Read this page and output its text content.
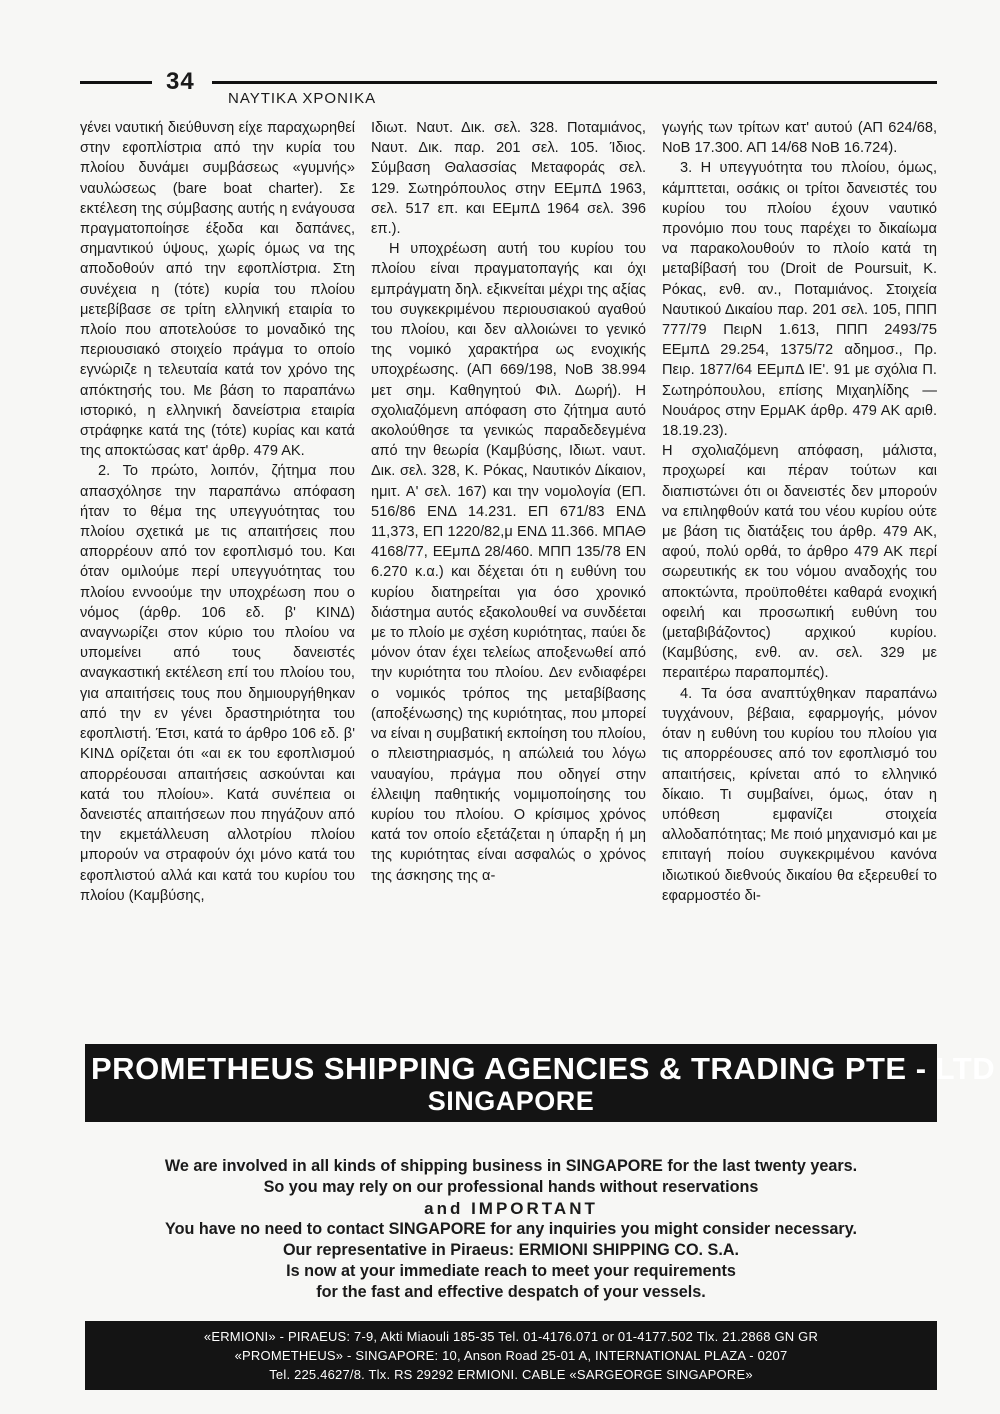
34
ΝΑΥΤΙΚΑ ΧΡΟΝΙΚΑ

γένει ναυτική διεύθυνση είχε παραχωρηθεί στην εφοπλίστρια από την κυρία του πλοίου δυνάμει συμβάσεως «γυμνής» ναυλώσεως (bare boat charter). Σε εκτέλεση της σύμβασης αυτής η ενάγουσα πραγματοποίησε έξοδα και δαπάνες, σημαντικού ύψους, χωρίς όμως να της αποδοθούν από την εφοπλίστρια. Στη συνέχεια η (τότε) κυρία του πλοίου μετεβίβασε σε τρίτη ελληνική εταιρία το πλοίο που αποτελούσε το μοναδικό της περιουσιακό στοιχείο πράγμα το οποίο εγνώριζε η τελευταία κατά τον χρόνο της απόκτησής του. Με βάση το παραπάνω ιστορικό, η ελληνική δανείστρια εταιρία στράφηκε κατά της (τότε) κυρίας και κατά της αποκτώσας κατ' άρθρ. 479 ΑΚ.

2. Το πρώτο, λοιπόν, ζήτημα που απασχόλησε την παραπάνω απόφαση ήταν το θέμα της υπεγγυότητας του πλοίου σχετικά με τις απαιτήσεις που απορρέουν από τον εφοπλισμό του. Και όταν ομιλούμε περί υπεγγυότητας του πλοίου εννοούμε την υποχρέωση που ο νόμος (άρθρ. 106 εδ. β' ΚΙΝΔ) αναγνωρίζει στον κύριο του πλοίου να υπομείνει από τους δανειστές αναγκαστική εκτέλεση επί του πλοίου του, για απαιτήσεις τους που δημιουργήθηκαν από την εν γένει δραστηριότητα του εφοπλιστή. Έτσι, κατά το άρθρο 106 εδ. β' ΚΙΝΔ ορίζεται ότι «αι εκ του εφοπλισμού απορρέουσαι απαιτήσεις ασκούνται και κατά του πλοίου». Κατά συνέπεια οι δανειστές απαιτήσεων που πηγάζουν από την εκμετάλλευση αλλοτρίου πλοίου μπορούν να στραφούν όχι μόνο κατά του εφοπλιστού αλλά και κατά του κυρίου του πλοίου (Καμβύσης,

Ιδιωτ. Ναυτ. Δικ. σελ. 328. Ποταμιάνος, Ναυτ. Δικ. παρ. 201 σελ. 105. Ίδιος. Σύμβαση Θαλασσίας Μεταφοράς σελ. 129. Σωτηρόπουλος στην ΕΕμπΔ 1963, σελ. 517 επ. και ΕΕμπΔ 1964 σελ. 396 επ.).

Η υποχρέωση αυτή του κυρίου του πλοίου είναι πραγματοπαγής και όχι εμπράγματη δηλ. εξικνείται μέχρι της αξίας του συγκεκριμένου περιουσιακού αγαθού του πλοίου, και δεν αλλοιώνει το γενικό της νομικό χαρακτήρα ως ενοχικής υποχρέωσης. (ΑΠ 669/198, ΝοΒ 38.994 μετ σημ. Καθηγητού Φιλ. Δωρή). Η σχολιαζόμενη απόφαση στο ζήτημα αυτό ακολούθησε τα γενικώς παραδεδεγμένα από την θεωρία (Καμβύσης, Ιδιωτ. ναυτ. Δικ. σελ. 328, Κ. Ρόκας, Ναυτικόν Δίκαιον, ημιτ. Α' σελ. 167) και την νομολογία (ΕΠ. 516/86 ΕΝΔ 14.231. ΕΠ 671/83 ΕΝΔ 11,373, ΕΠ 1220/82,μ ΕΝΔ 11.366. ΜΠΑΘ 4168/77, ΕΕμπΔ 28/460. ΜΠΠ 135/78 ΕΝ 6.270 κ.α.) και δέχεται ότι η ευθύνη του κυρίου διατηρείται για όσο χρονικό διάστημα αυτός εξακολουθεί να συνδέεται με το πλοίο με σχέση κυριότητας, παύει δε μόνον όταν έχει τελείως αποξενωθεί από την κυριότητα του πλοίου. Δεν ενδιαφέρει ο νομικός τρόπος της μεταβίβασης (αποξένωσης) της κυριότητας, που μπορεί να είναι η συμβατική εκποίηση του πλοίου, ο πλειστηριασμός, η απώλειά του λόγω ναυαγίου, πράγμα που οδηγεί στην έλλειψη παθητικής νομιμοποίησης του κυρίου του πλοίου. Ο κρίσιμος χρόνος κατά τον οποίο εξετάζεται η ύπαρξη ή μη της κυριότητας είναι ασφαλώς ο χρόνος της άσκησης της α-

γωγής των τρίτων κατ' αυτού (ΑΠ 624/68, ΝοΒ 17.300. ΑΠ 14/68 ΝοΒ 16.724).

3. Η υπεγγυότητα του πλοίου, όμως, κάμπτεται, οσάκις οι τρίτοι δανειστές του κυρίου του πλοίου έχουν ναυτικό προνόμιο που τους παρέχει το δικαίωμα να παρακολουθούν το πλοίο κατά τη μεταβίβασή του (Droit de Poursuit, Κ. Ρόκας, ενθ. αν., Ποταμιάνος. Στοιχεία Ναυτικού Δικαίου παρ. 201 σελ. 105, ΠΠΠ 777/79 ΠειρΝ 1.613, ΠΠΠ 2493/75 ΕΕμπΔ 29.254, 1375/72 αδημοσ., Πρ. Πειρ. 1877/64 ΕΕμπΔ ΙΕ'. 91 με σχόλια Π. Σωτηρόπουλου, επίσης Μιχαηλίδης — Νουάρος στην ΕρμΑΚ άρθρ. 479 ΑΚ αριθ. 18.19.23).

Η σχολιαζόμενη απόφαση, μάλιστα, προχωρεί και πέραν τούτων και διαπιστώνει ότι οι δανειστές δεν μπορούν να επιληφθούν κατά του νέου κυρίου ούτε με βάση τις διατάξεις του άρθρ. 479 ΑΚ, αφού, πολύ ορθά, το άρθρο 479 ΑΚ περί σωρευτικής εκ του νόμου αναδοχής του αποκτώντα, προϋποθέτει καθαρά ενοχική οφειλή και προσωπική ευθύνη του (μεταβιβάζοντος) αρχικού κυρίου. (Καμβύσης, ενθ. αν. σελ. 329 με περαιτέρω παραπομπές).

4. Τα όσα αναπτύχθηκαν παραπάνω τυγχάνουν, βέβαια, εφαρμογής, μόνον όταν η ευθύνη του κυρίου του πλοίου για τις απορρέουσες από τον εφοπλισμό του απαιτήσεις, κρίνεται από το ελληνικό δίκαιο. Τι συμβαίνει, όμως, όταν η υπόθεση εμφανίζει στοιχεία αλλοδαπότητας; Με ποιό μηχανισμό και με επιταγή ποίου συγκεκριμένου κανόνα ιδιωτικού διεθνούς δικαίου θα εξερευθεί το εφαρμοστέο δι-

PROMETHEUS SHIPPING AGENCIES & TRADING PTE - LTD
SINGAPORE
We are involved in all kinds of shipping business in SINGAPORE for the last twenty years.
So you may rely on our professional hands without reservations
and IMPORTANT
You have no need to contact SINGAPORE for any inquiries you might consider necessary.
Our representative in Piraeus: ERMIONI SHIPPING CO. S.A.
Is now at your immediate reach to meet your requirements
for the fast and effective despatch of your vessels.
«ERMIONI» - PIRAEUS: 7-9, Akti Miaouli 185-35 Tel. 01-4176.071 or 01-4177.502 Tlx. 21.2868 GN GR
«PROMETHEUS» - SINGAPORE: 10, Anson Road 25-01 A, INTERNATIONAL PLAZA - 0207
Tel. 225.4627/8. Tlx. RS 29292 ERMIONI. CABLE «SARGEORGE SINGAPORE»
